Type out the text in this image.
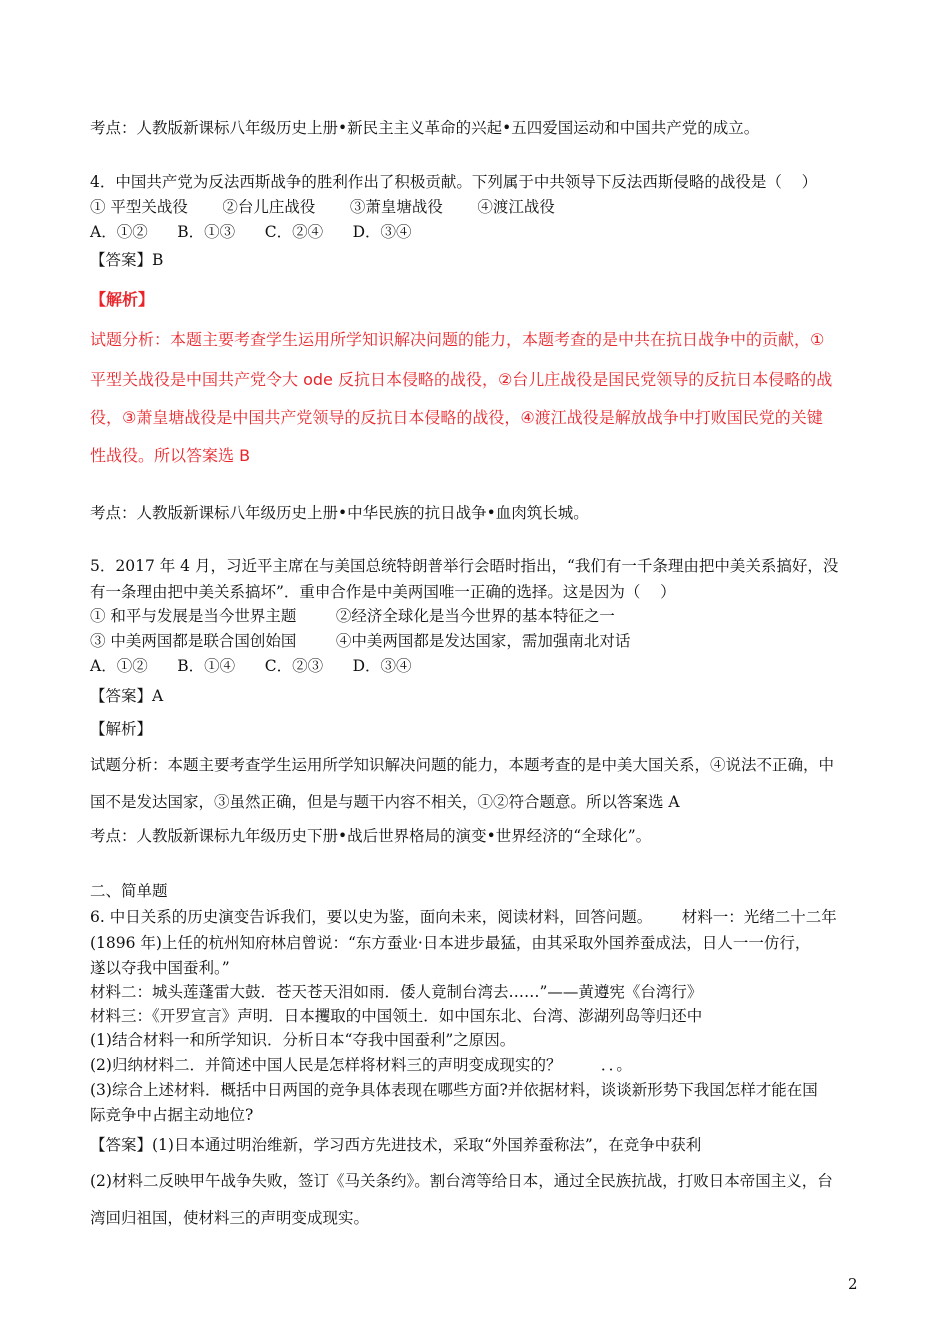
考点：人教版新课标八年级历史上册•新民主主义革命的兴起•五四爱国运动和中国共产党的成立。
4．中国共产党为反法西斯战争的胜利作出了积极贡献。下列属于中共领导下反法西斯侵略的战役是（    ）
① 平型关战役       ②台儿庄战役       ③萧皇塘战役       ④渡江战役
A．①②      B．①③      C．②④      D．③④
【答案】B
【解析】
试题分析：本题主要考查学生运用所学知识解决问题的能力，本题考查的是中共在抗日战争中的贡献，①
平型关战役是中国共产党令大 ode 反抗日本侵略的战役，②台儿庄战役是国民党领导的反抗日本侵略的战
役，③萧皇塘战役是中国共产党领导的反抗日本侵略的战役，④渡江战役是解放战争中打败国民党的关键
性战役。所以答案选 B
考点：人教版新课标八年级历史上册•中华民族的抗日战争•血肉筑长城。
5．2017 年 4 月，习近平主席在与美国总统特朗普举行会晤时指出，“我们有一千条理由把中美关系搞好，没
有一条理由把中美关系搞坏”．重申合作是中美两国唯一正确的选择。这是因为（    ）
① 和平与发展是当今世界主题        ②经济全球化是当今世界的基本特征之一
③ 中美两国都是联合国创始国        ④中美两国都是发达国家，需加强南北对话
A．①②      B．①④      C．②③      D．③④
【答案】A
【解析】
试题分析：本题主要考查学生运用所学知识解决问题的能力，本题考查的是中美大国关系，④说法不正确，中
国不是发达国家，③虽然正确，但是与题干内容不相关，①②符合题意。所以答案选 A
考点：人教版新课标九年级历史下册•战后世界格局的演变•世界经济的“全球化”。
二、简单题
6. 中日关系的历史演变告诉我们，要以史为鉴，面向未来，阅读材料，回答问题。      材料一：光绪二十二年
(1896 年)上任的杭州知府林启曾说：“东方蚕业·日本进步最猛，由其采取外国养蚕成法，日人一一仿行，
遂以夺我中国蚕利。”
材料二：城头莲蓬雷大鼓．苍天苍天泪如雨．倭人竟制台湾去……”——黄遵宪《台湾行》
材料三：《开罗宣言》声明．日本攫取的中国领土．如中国东北、台湾、澎湖列岛等归还中
(1)结合材料一和所学知识．分析日本“夺我中国蚕利”之原因。
(2)归纳材料二．并简述中国人民是怎样将材料三的声明变成现实的？        ．．。
(3)综合上述材料．概括中日两国的竞争具体表现在哪些方面?并依据材料，谈谈新形势下我国怎样才能在国
际竞争中占据主动地位?
【答案】(1)日本通过明治维新，学习西方先进技术，采取“外国养蚕称法”，在竞争中获利
(2)材料二反映甲午战争失败，签订《马关条约》。割台湾等给日本，通过全民族抗战，打败日本帝国主义，台
湾回归祖国，使材料三的声明变成现实。
2
